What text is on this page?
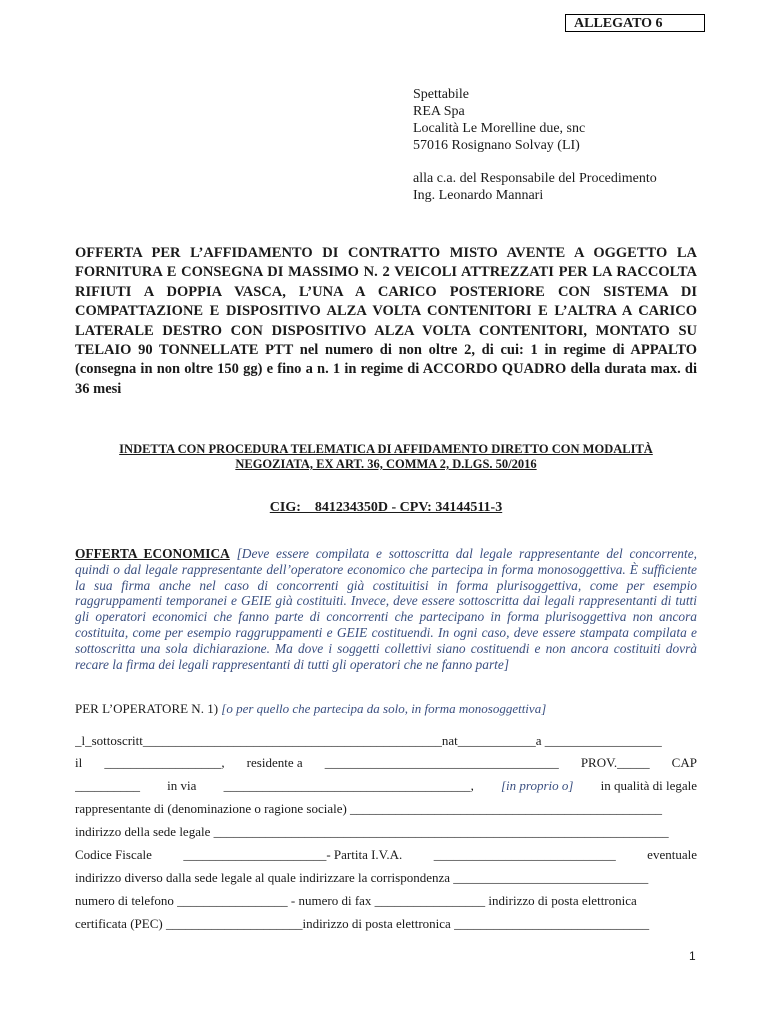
ALLEGATO 6
Spettabile
REA Spa
Località Le Morelline due, snc
57016 Rosignano Solvay (LI)
alla c.a. del Responsabile del Procedimento
Ing. Leonardo Mannari
OFFERTA PER L’AFFIDAMENTO DI CONTRATTO MISTO AVENTE A OGGETTO LA FORNITURA E CONSEGNA DI MASSIMO N. 2 VEICOLI ATTREZZATI PER LA RACCOLTA RIFIUTI A DOPPIA VASCA, L’UNA A CARICO POSTERIORE CON SISTEMA DI COMPATTAZIONE E DISPOSITIVO ALZA VOLTA CONTENITORI E L’ALTRA A CARICO LATERALE DESTRO CON DISPOSITIVO ALZA VOLTA CONTENITORI, MONTATO SU TELAIO 90 TONNELLATE PTT nel numero di non oltre 2, di cui: 1 in regime di APPALTO (consegna in non oltre 150 gg) e fino a n. 1 in regime di ACCORDO QUADRO della durata max. di 36 mesi
INDETTA CON PROCEDURA TELEMATICA DI AFFIDAMENTO DIRETTO CON MODALITÀ
NEGOZIATA, EX ART. 36, COMMA 2, D.LGS. 50/2016
CIG:    841234350D - CPV: 34144511-3
OFFERTA ECONOMICA [Deve essere compilata e sottoscritta dal legale rappresentante del concorrente, quindi o dal legale rappresentante dell’operatore economico che partecipa in forma monosoggettiva. È sufficiente la sua firma anche nel caso di concorrenti già costituitisi in forma plurisoggettiva, come per esempio raggruppamenti temporanei e GEIE già costituiti. Invece, deve essere sottoscritta dai legali rappresentanti di tutti gli operatori economici che fanno parte di concorrenti che partecipano in forma plurisoggettiva non ancora costituita, come per esempio raggruppamenti e GEIE costituendi. In ogni caso, deve essere stampata compilata e sottoscritta una sola dichiarazione. Ma dove i soggetti collettivi siano costituendi e non ancora costituiti dovrà recare la firma dei legali rappresentanti di tutti gli operatori che ne fanno parte]
PER L’OPERATORE N. 1) [o per quello che partecipa da solo, in forma monosoggettiva]
_l_sottoscritt______________________________________________nat____________a __________________
il __________________, residente a ____________________________________ PROV._____ CAP
__________ in via ______________________________________, [in proprio o] in qualità di legale
rappresentante di (denominazione o ragione sociale) ________________________________________________
indirizzo della sede legale ______________________________________________________________________
Codice Fiscale ______________________- Partita I.V.A. ____________________________ eventuale
indirizzo diverso dalla sede legale al quale indirizzare la corrispondenza ______________________________
numero di telefono _________________ - numero di fax _________________ indirizzo di posta elettronica
certificata (PEC) _____________________indirizzo di posta elettronica ______________________________
1
